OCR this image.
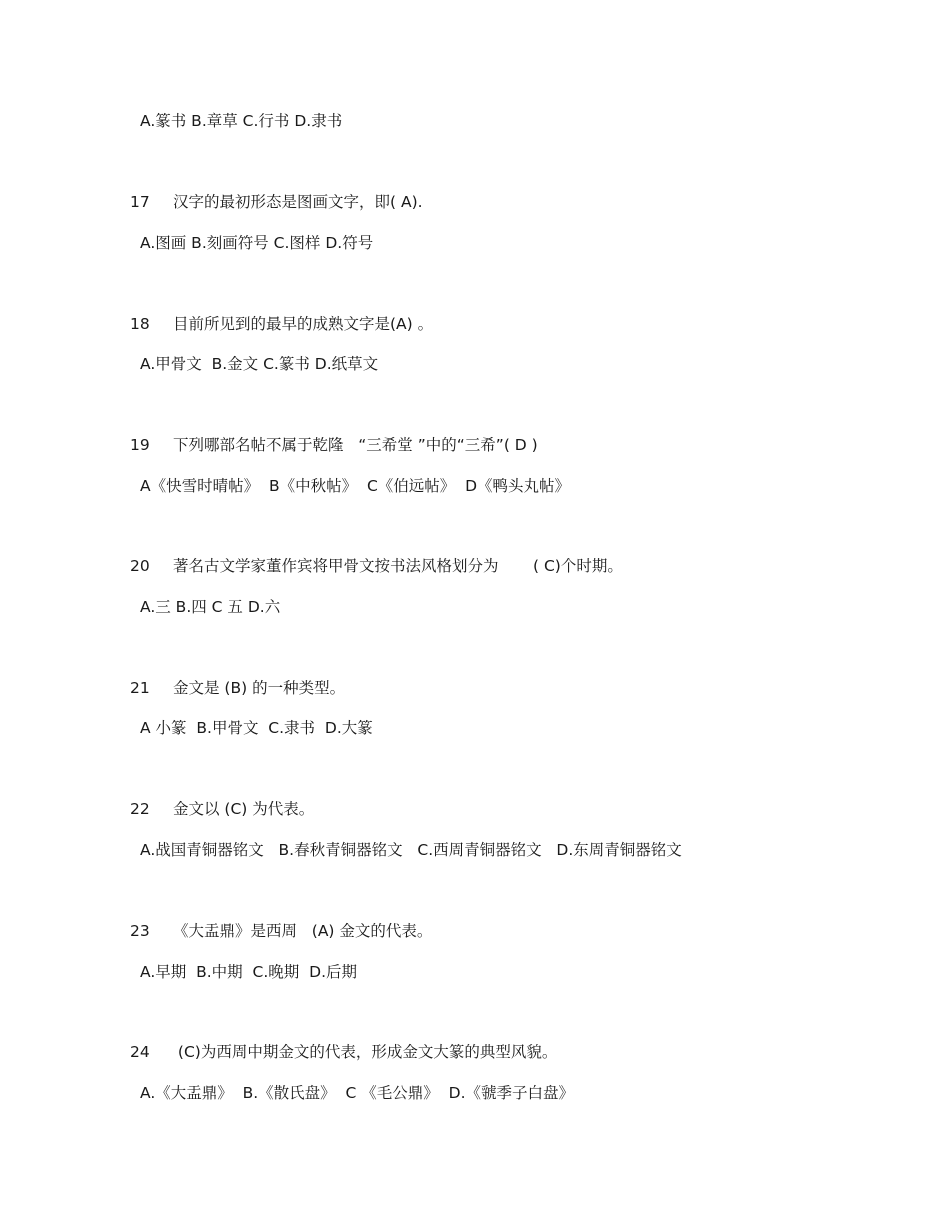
A.篆书 B.章草 C.行书 D.隶书
17 汉字的最初形态是图画文字，即( A).
A.图画 B.刻画符号 C.图样 D.符号
18 目前所见到的最早的成熟文字是(A) 。
A.甲骨文  B.金文 C.篆书 D.纸草文
19 下列哪部名帖不属于乾隆   “三希堂 ”中的“三希”( D )
A《快雪时晴帖》  B《中秋帖》  C《伯远帖》  D《鸭头丸帖》
20 著名古文学家董作宾将甲骨文按书法风格划分为       ( C)个时期。
A.三 B.四 C 五 D.六
21 金文是 (B) 的一种类型。
A 小篆  B.甲骨文  C.隶书  D.大篆
22 金文以 (C) 为代表。
A.战国青铜器铭文   B.春秋青铜器铭文   C.西周青铜器铭文   D.东周青铜器铭文
23 《大盂鼎》是西周   (A) 金文的代表。
A.早期  B.中期  C.晚期  D.后期
24 (C)为西周中期金文的代表，形成金文大篆的典型风貌。
A.《大盂鼎》  B.《散氏盘》  C 《毛公鼎》  D.《虢季子白盘》
